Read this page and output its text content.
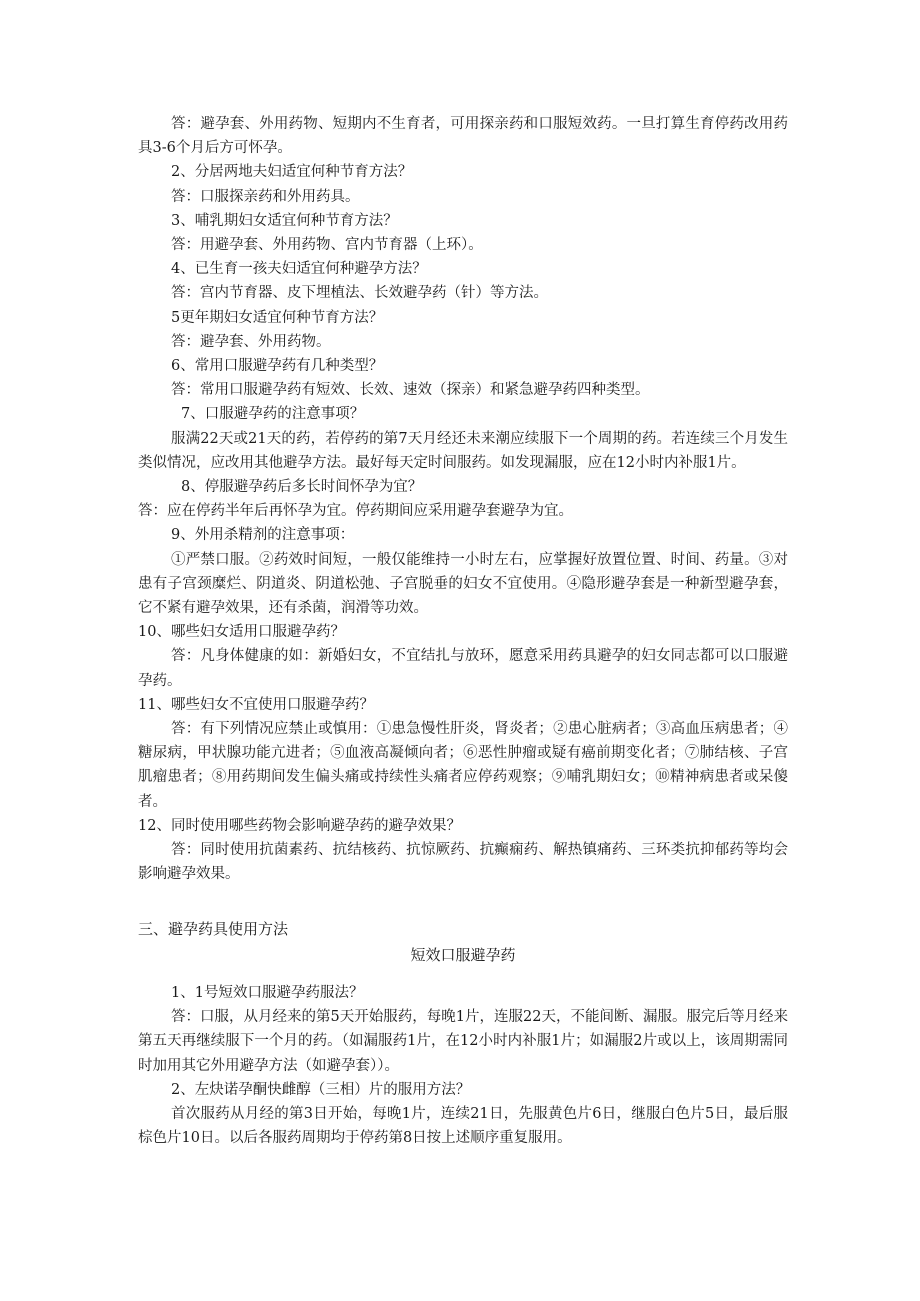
答：避孕套、外用药物、短期内不生育者，可用探亲药和口服短效药。一旦打算生育停药改用药具3-6个月后方可怀孕。

2、分居两地夫妇适宜何种节育方法？

答：口服探亲药和外用药具。

3、哺乳期妇女适宜何种节育方法？

答：用避孕套、外用药物、宫内节育器（上环）。

4、已生育一孩夫妇适宜何种避孕方法？

答：宫内节育器、皮下埋植法、长效避孕药（针）等方法。

5更年期妇女适宜何种节育方法？

答：避孕套、外用药物。

6、常用口服避孕药有几种类型？

答：常用口服避孕药有短效、长效、速效（探亲）和紧急避孕药四种类型。

7、口服避孕药的注意事项？

服满22天或21天的药，若停药的第7天月经还未来潮应续服下一个周期的药。若连续三个月发生类似情况，应改用其他避孕方法。最好每天定时间服药。如发现漏服，应在12小时内补服1片。

8、停服避孕药后多长时间怀孕为宜？

答：应在停药半年后再怀孕为宜。停药期间应采用避孕套避孕为宜。

9、外用杀精剂的注意事项：

①严禁口服。②药效时间短，一般仅能维持一小时左右，应掌握好放置位置、时间、药量。③对患有子宫颈糜烂、阴道炎、阴道松弛、子宫脱垂的妇女不宜使用。④隐形避孕套是一种新型避孕套，它不紧有避孕效果，还有杀菌，润滑等功效。

10、哪些妇女适用口服避孕药？

答：凡身体健康的如：新婚妇女，不宜结扎与放环，愿意采用药具避孕的妇女同志都可以口服避孕药。

11、哪些妇女不宜使用口服避孕药？

答：有下列情况应禁止或慎用：①患急慢性肝炎，肾炎者；②患心脏病者；③高血压病患者；④糖尿病，甲状腺功能亢进者；⑤血液高凝倾向者；⑥恶性肿瘤或疑有癌前期变化者；⑦肺结核、子宫肌瘤患者；⑧用药期间发生偏头痛或持续性头痛者应停药观察；⑨哺乳期妇女；⑩精神病患者或呆傻者。

12、同时使用哪些药物会影响避孕药的避孕效果？

答：同时使用抗菌素药、抗结核药、抗惊厥药、抗癫痫药、解热镇痛药、三环类抗抑郁药等均会影响避孕效果。

三、避孕药具使用方法

短效口服避孕药

1、1号短效口服避孕药服法？

答：口服，从月经来的第5天开始服药，每晚1片，连服22天，不能间断、漏服。服完后等月经来第五天再继续服下一个月的药。（如漏服药1片，在12小时内补服1片；如漏服2片或以上，该周期需同时加用其它外用避孕方法（如避孕套））。

2、左炔诺孕酮快雌醇（三相）片的服用方法？

首次服药从月经的第3日开始，每晚1片，连续21日，先服黄色片6日，继服白色片5日，最后服棕色片10日。以后各服药周期均于停药第8日按上述顺序重复服用。
